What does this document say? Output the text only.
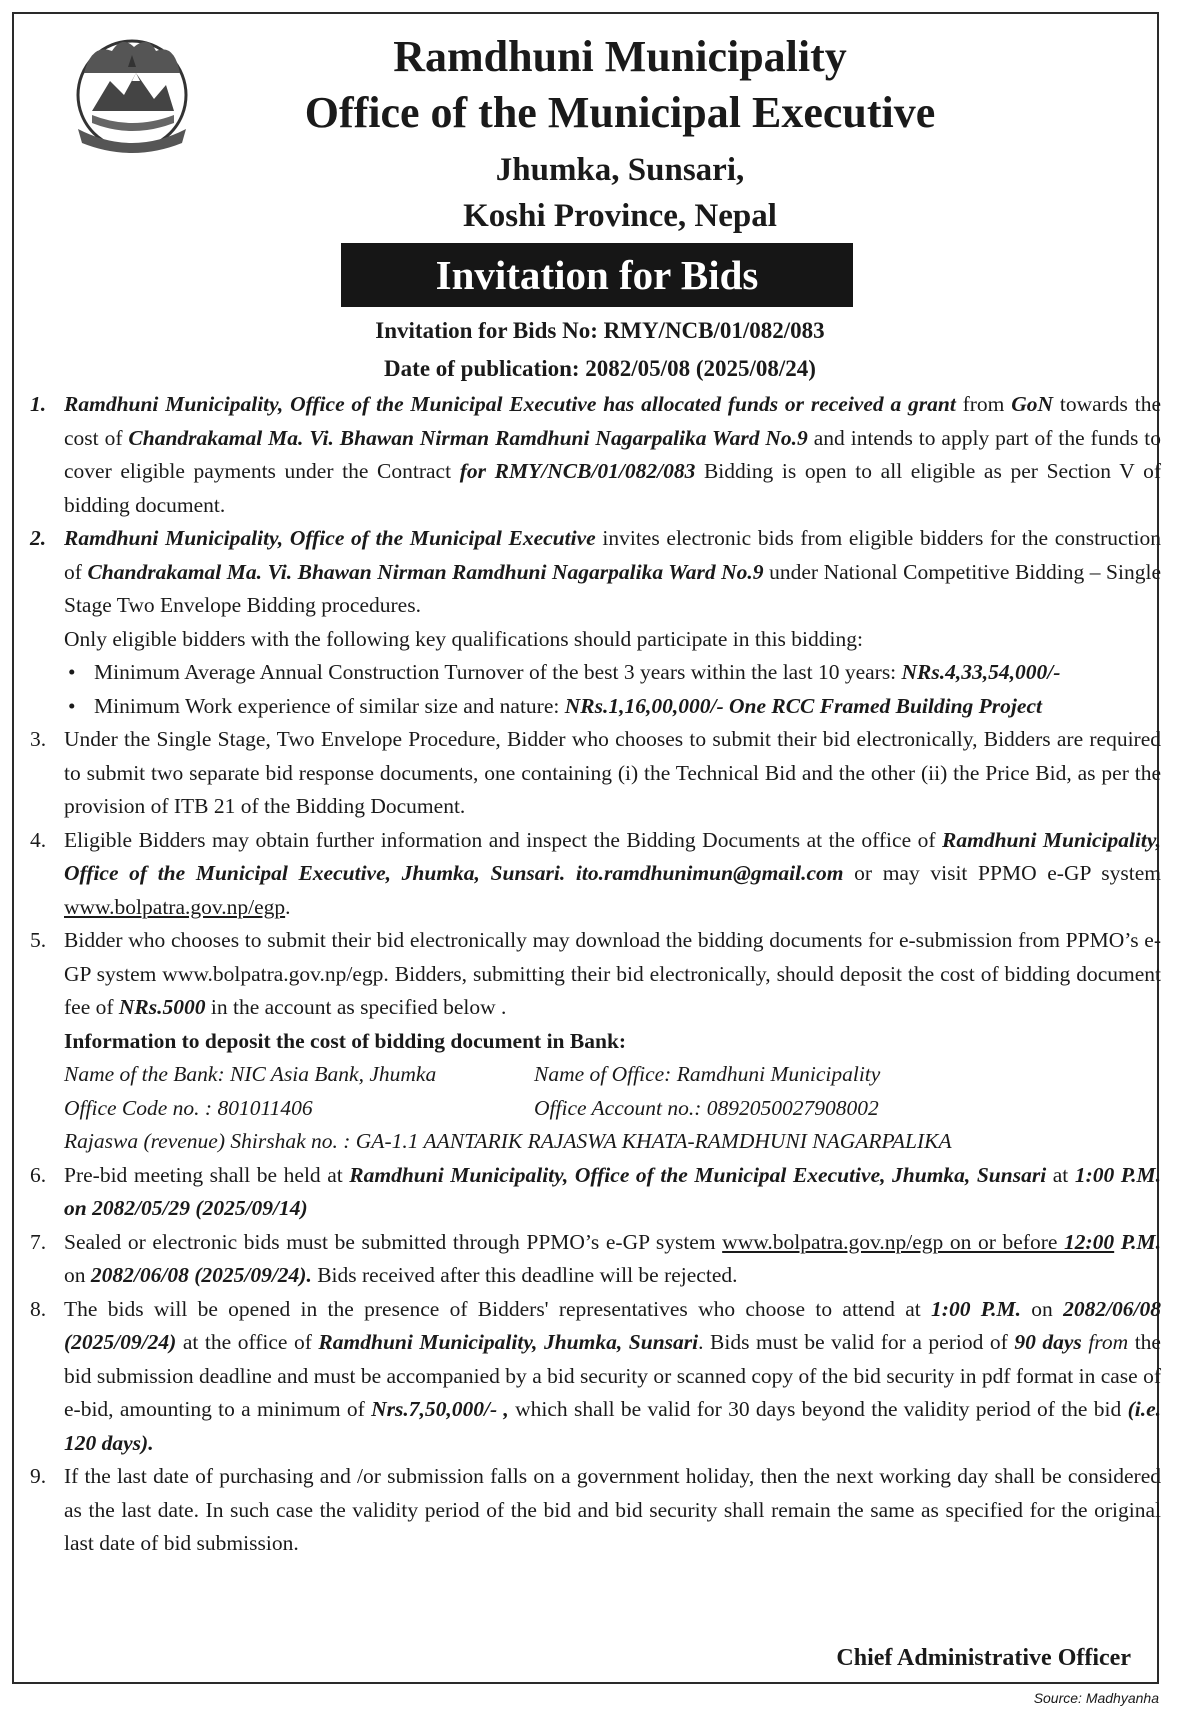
Ramdhuni Municipality
Office of the Municipal Executive
Jhumka, Sunsari,
Koshi Province, Nepal
Invitation for Bids
Invitation for Bids No: RMY/NCB/01/082/083
Date of publication: 2082/05/08 (2025/08/24)
1. Ramdhuni Municipality, Office of the Municipal Executive has allocated funds or received a grant from GoN towards the cost of Chandrakamal Ma. Vi. Bhawan Nirman Ramdhuni Nagarpalika Ward No.9 and intends to apply part of the funds to cover eligible payments under the Contract for RMY/NCB/01/082/083 Bidding is open to all eligible as per Section V of bidding document.
2. Ramdhuni Municipality, Office of the Municipal Executive invites electronic bids from eligible bidders for the construction of Chandrakamal Ma. Vi. Bhawan Nirman Ramdhuni Nagarpalika Ward No.9 under National Competitive Bidding – Single Stage Two Envelope Bidding procedures.
Only eligible bidders with the following key qualifications should participate in this bidding:
• Minimum Average Annual Construction Turnover of the best 3 years within the last 10 years: NRs.4,33,54,000/-
• Minimum Work experience of similar size and nature: NRs.1,16,00,000/- One RCC Framed Building Project
3. Under the Single Stage, Two Envelope Procedure, Bidder who chooses to submit their bid electronically, Bidders are required to submit two separate bid response documents, one containing (i) the Technical Bid and the other (ii) the Price Bid, as per the provision of ITB 21 of the Bidding Document.
4. Eligible Bidders may obtain further information and inspect the Bidding Documents at the office of Ramdhuni Municipality, Office of the Municipal Executive, Jhumka, Sunsari. ito.ramdhunimun@gmail.com or may visit PPMO e-GP system www.bolpatra.gov.np/egp.
5. Bidder who chooses to submit their bid electronically may download the bidding documents for e-submission from PPMO’s e-GP system www.bolpatra.gov.np/egp. Bidders, submitting their bid electronically, should deposit the cost of bidding document fee of NRs.5000 in the account as specified below .
Information to deposit the cost of bidding document in Bank:
Name of the Bank: NIC Asia Bank, Jhumka	Name of Office: Ramdhuni Municipality
Office Code no. : 801011406	Office Account no.: 0892050027908002
Rajaswa (revenue) Shirshak no. : GA-1.1 AANTARIK RAJASWA KHATA-RAMDHUNI NAGARPALIKA
6. Pre-bid meeting shall be held at Ramdhuni Municipality, Office of the Municipal Executive, Jhumka, Sunsari at 1:00 P.M. on 2082/05/29 (2025/09/14)
7. Sealed or electronic bids must be submitted through PPMO’s e-GP system www.bolpatra.gov.np/egp on or before 12:00 P.M. on 2082/06/08 (2025/09/24). Bids received after this deadline will be rejected.
8. The bids will be opened in the presence of Bidders' representatives who choose to attend at 1:00 P.M. on 2082/06/08 (2025/09/24) at the office of Ramdhuni Municipality, Jhumka, Sunsari. Bids must be valid for a period of 90 days from the bid submission deadline and must be accompanied by a bid security or scanned copy of the bid security in pdf format in case of e-bid, amounting to a minimum of Nrs.7,50,000/- , which shall be valid for 30 days beyond the validity period of the bid (i.e. 120 days).
9. If the last date of purchasing and /or submission falls on a government holiday, then the next working day shall be considered as the last date. In such case the validity period of the bid and bid security shall remain the same as specified for the original last date of bid submission.
Chief Administrative Officer
Source: Madhyanha
